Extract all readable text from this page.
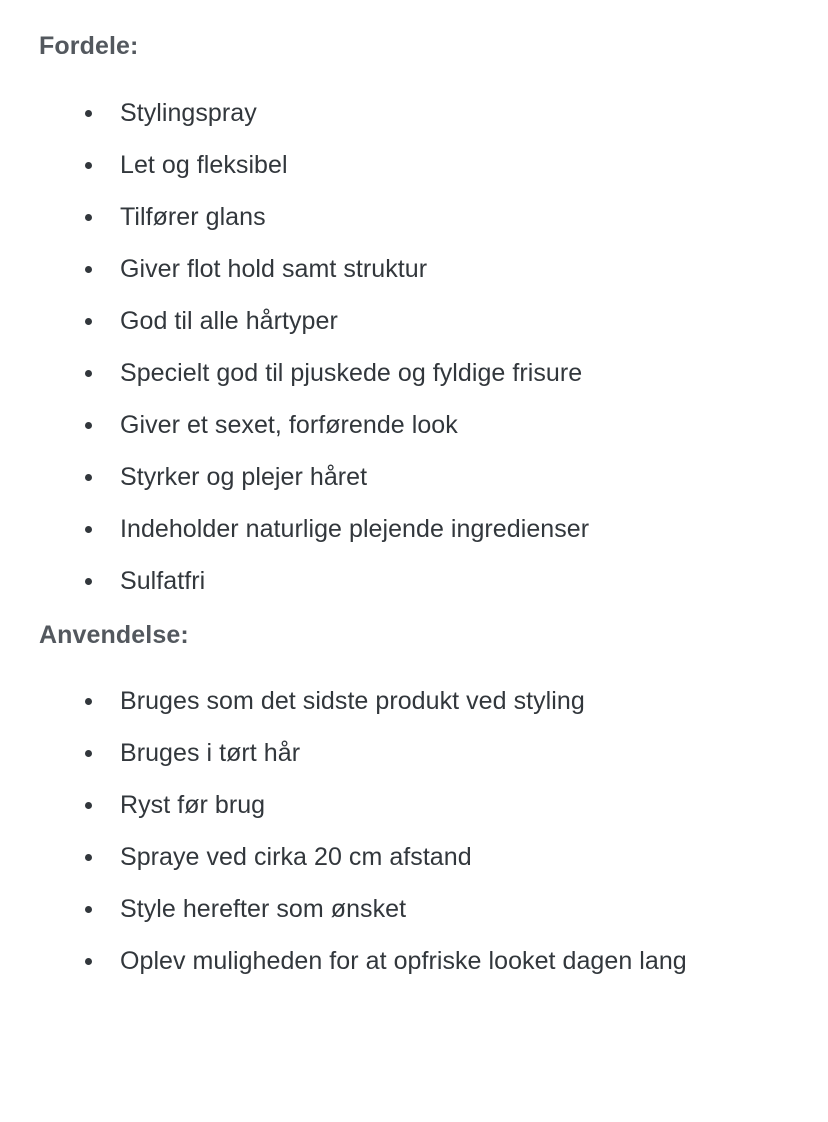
Fordele:
Stylingspray
Let og fleksibel
Tilfører glans
Giver flot hold samt struktur
God til alle hårtyper
Specielt god til pjuskede og fyldige frisure
Giver et sexet, forførende look
Styrker og plejer håret
Indeholder naturlige plejende ingredienser
Sulfatfri
Anvendelse:
Bruges som det sidste produkt ved styling
Bruges i tørt hår
Ryst før brug
Spraye ved cirka 20 cm afstand
Style herefter som ønsket
Oplev muligheden for at opfriske looket dagen lang
